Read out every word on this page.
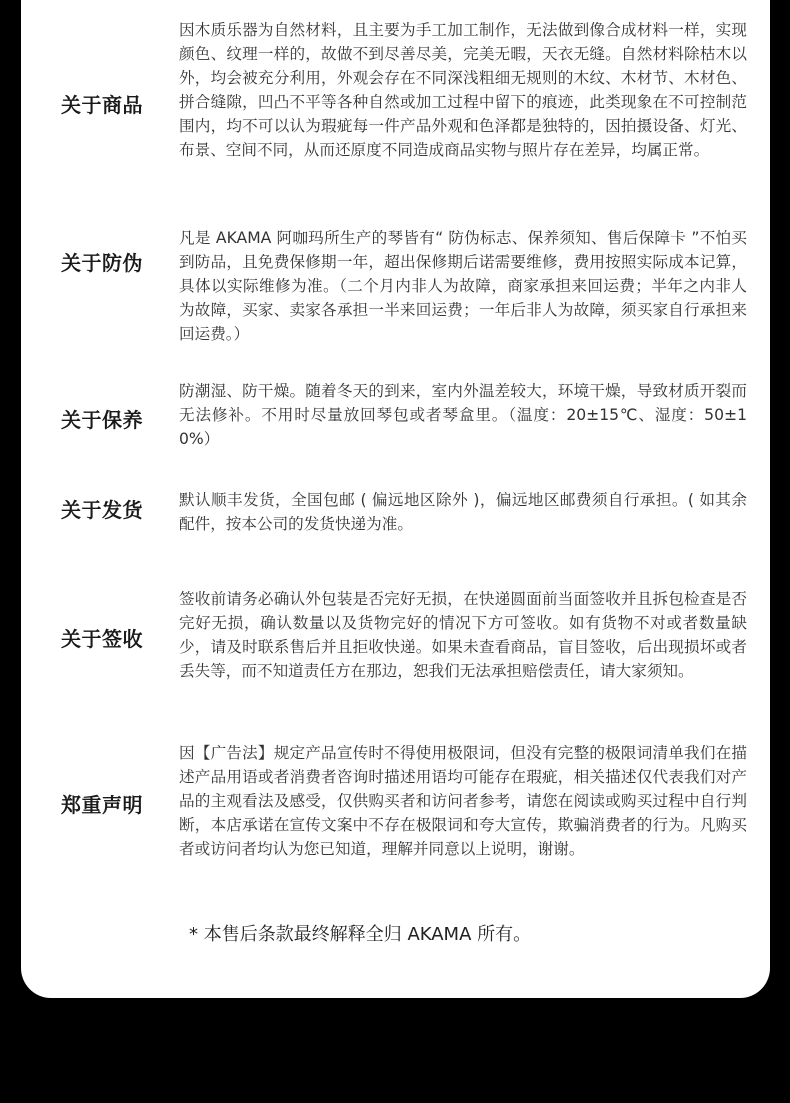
关于商品
因木质乐器为自然材料，且主要为手工加工制作，无法做到像合成材料一样，实现颜色、纹理一样的，故做不到尽善尽美，完美无暇，天衣无缝。自然材料除枯木以外，均会被充分利用，外观会存在不同深浅粗细无规则的木纹、木材节、木材色、拼合缝隙，凹凸不平等各种自然或加工过程中留下的痕迹，此类现象在不可控制范围内，均不可以认为瑕疵每一件产品外观和色泽都是独特的，因拍摄设备、灯光、布景、空间不同，从而还原度不同造成商品实物与照片存在差异，均属正常。
关于防伪
凡是 AKAMA 阿咖玛所生产的琴皆有“ 防伪标志、保养须知、售后保障卡 ”不怕买到防品，且免费保修期一年，超出保修期后诺需要维修，费用按照实际成本记算，具体以实际维修为准。（二个月内非人为故障，商家承担来回运费；半年之内非人为故障，买家、卖家各承担一半来回运费；一年后非人为故障，须买家自行承担来回运费。）
关于保养
防潮湿、防干燥。随着冬天的到来，室内外温差较大，环境干燥，导致材质开裂而无法修补。不用时尽量放回琴包或者琴盒里。（温度：20±15℃、湿度：50±10%）
关于发货	默认顺丰发货，全国包邮 ( 偏远地区除外 )，偏远地区邮费须自行承担。( 如其余配件，按本公司的发货快递为准。
关于签收
签收前请务必确认外包装是否完好无损，在快递圆面前当面签收并且拆包检查是否完好无损，确认数量以及货物完好的情况下方可签收。如有货物不对或者数量缺少，请及时联系售后并且拒收快递。如果未查看商品，盲目签收，后出现损坏或者丢失等，而不知道责任方在那边，恕我们无法承担赔偿责任，请大家须知。
郑重声明
因【广告法】规定产品宣传时不得使用极限词，但没有完整的极限词清单我们在描述产品用语或者消费者咨询时描述用语均可能存在瑕疵，相关描述仅代表我们对产品的主观看法及感受，仅供购买者和访问者参考，请您在阅读或购买过程中自行判断，本店承诺在宣传文案中不存在极限词和夸大宣传，欺骗消费者的行为。凡购买者或访问者均认为您已知道，理解并同意以上说明，谢谢。
* 本售后条款最终解释全归 AKAMA 所有。
